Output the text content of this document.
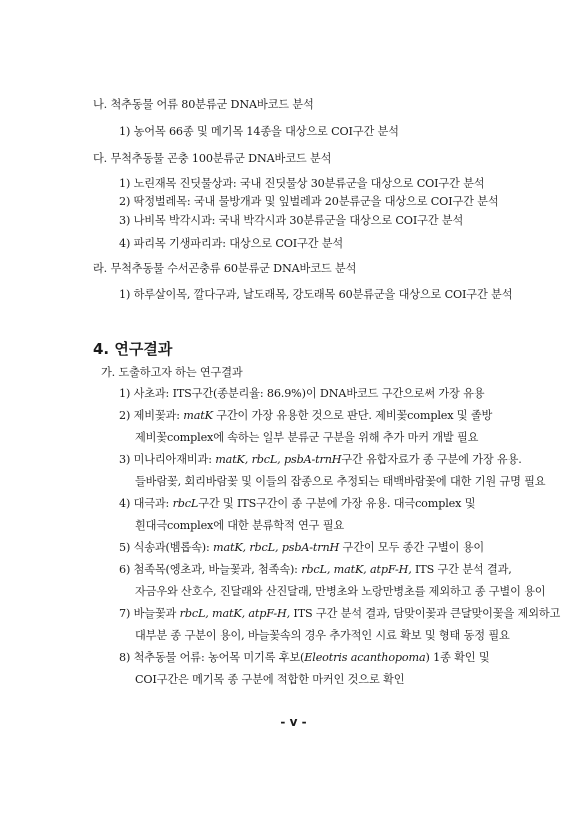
나. 척추동물 어류 80분류군 DNA바코드 분석
1) 농어목 66종 및 메기목 14종을 대상으로 COI구간 분석
다. 무척추동물 곤충 100분류군 DNA바코드 분석
1) 노린재목 진딧물상과: 국내 진딧물상 30분류군을 대상으로 COI구간 분석
2) 딱정벌레목: 국내 물방개과 및 잎벌레과 20분류군을 대상으로 COI구간 분석
3) 나비목 박각시과: 국내 박각시과 30분류군을 대상으로 COI구간 분석
4) 파리목 기생파리과: 대상으로 COI구간 분석
라. 무척추동물 수서곤충류 60분류군 DNA바코드 분석
1) 하루살이목, 깔다구과, 날도래목, 강도래목 60분류군을 대상으로 COI구간 분석
4. 연구결과
가. 도출하고자 하는 연구결과
1) 사초과: ITS구간(종분리율: 86.9%)이 DNA바코드 구간으로써 가장 유용
2) 제비꽃과: matK 구간이 가장 유용한 것으로 판단. 제비꽃complex 및 졸방
제비꽃complex에 속하는 일부 분류군 구분을 위해 추가 마커 개발 필요
3) 미나리아재비과: matK, rbcL, psbA-trnH구간 유합자료가 종 구분에 가장 유용.
들바람꽃, 회리바람꽃 및 이들의 잡종으로 추정되는 태백바람꽃에 대한 기원 규명 필요
4) 대극과: rbcL구간 및 ITS구간이 종 구분에 가장 유용. 대극complex 및
흰대극complex에 대한 분류학적 연구 필요
5) 식송과(벰롭속): matK, rbcL, psbA-trnH 구간이 모두 종간 구별이 용이
6) 첨족목(엥초과, 바늘꽃과, 첨족속): rbcL, matK, atpF-H, ITS 구간 분석 결과,
자금우와 산호수, 진달래와 산진달래, 만병초와 노랑만병초를 제외하고 종 구별이 용이
7) 바늘꽃과 rbcL, matK, atpF-H, ITS 구간 분석 결과, 담맞이꽃과 큰달맞이꽃을 제외하고
대부분 종 구분이 용이, 바늘꽃속의 경우 추가적인 시료 확보 및 형태 동정 필요
8) 척추동물 어류: 농어목 미기록 후보(Eleotris acanthopoma) 1종 확인 및
COI구간은 메기목 종 구분에 적합한 마커인 것으로 확인
- v -
